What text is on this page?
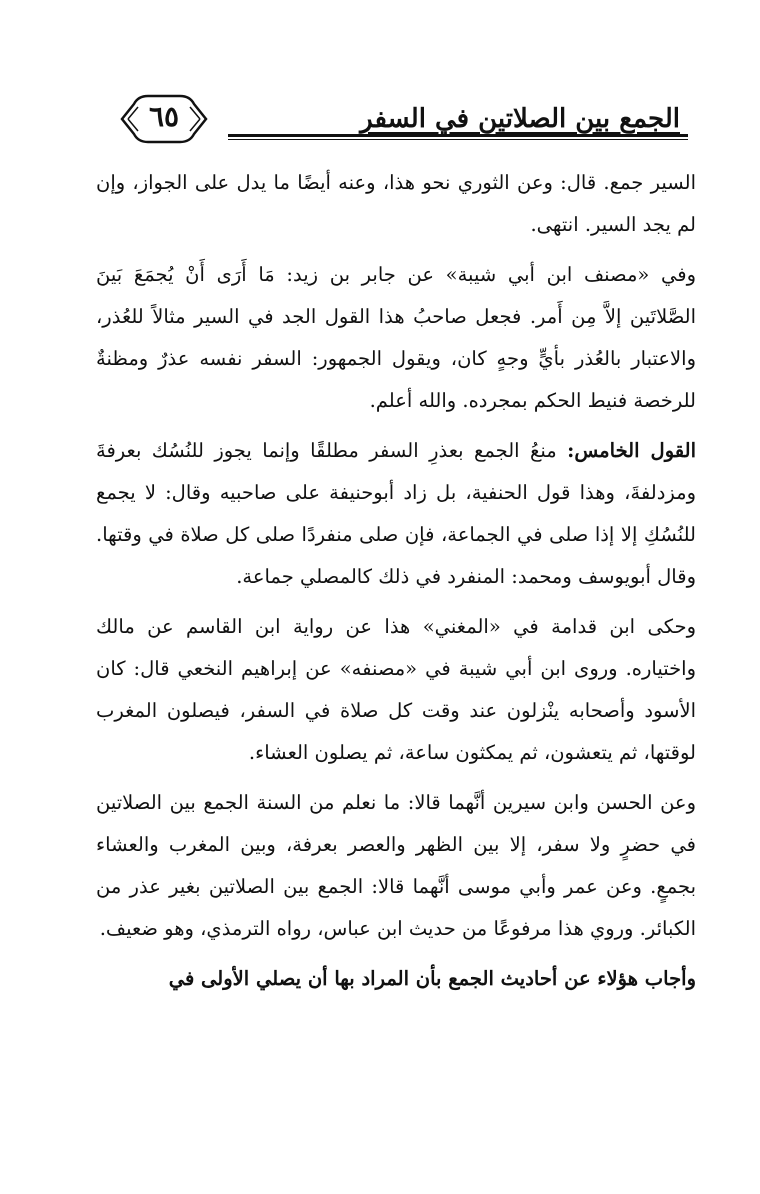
٦٥	الجمع بين الصلاتين في السفر

السير جمع. قال: وعن الثوري نحو هذا، وعنه أيضًا ما يدل على الجواز، وإن لم يجد السير. انتهى.

وفي «مصنف ابن أبي شيبة» عن جابر بن زيد: مَا أَرَى أَنْ يُجمَعَ بَينَ الصَّلاتَين إلاَّ مِن أَمر. فجعل صاحبُ هذا القول الجد في السير مثالاً للعُذر، والاعتبار بالعُذر بأيٍّ وجهٍ كان، ويقول الجمهور: السفر نفسه عذرٌ ومظنةٌ للرخصة فنيط الحكم بمجرده. والله أعلم.

القول الخامس: منعُ الجمع بعذرِ السفر مطلقًا وإنما يجوز للنُسُك بعرفةَ ومزدلفةَ، وهذا قول الحنفية، بل زاد أبوحنيفة على صاحبيه وقال: لا يجمع للنُسُكِ إلا إذا صلى في الجماعة، فإن صلى منفردًا صلى كل صلاة في وقتها. وقال أبويوسف ومحمد: المنفرد في ذلك كالمصلي جماعة.

وحكى ابن قدامة في «المغني» هذا عن رواية ابن القاسم عن مالك واختياره. وروى ابن أبي شيبة في «مصنفه» عن إبراهيم النخعي قال: كان الأسود وأصحابه ينْزلون عند وقت كل صلاة في السفر، فيصلون المغرب لوقتها، ثم يتعشون، ثم يمكثون ساعة، ثم يصلون العشاء.

وعن الحسن وابن سيرين أنَّهما قالا: ما نعلم من السنة الجمع بين الصلاتين في حضرٍ ولا سفر، إلا بين الظهر والعصر بعرفة، وبين المغرب والعشاء بجمعٍ. وعن عمر وأبي موسى أنَّهما قالا: الجمع بين الصلاتين بغير عذر من الكبائر. وروي هذا مرفوعًا من حديث ابن عباس، رواه الترمذي، وهو ضعيف.

وأجاب هؤلاء عن أحاديث الجمع بأن المراد بها أن يصلي الأولى في
